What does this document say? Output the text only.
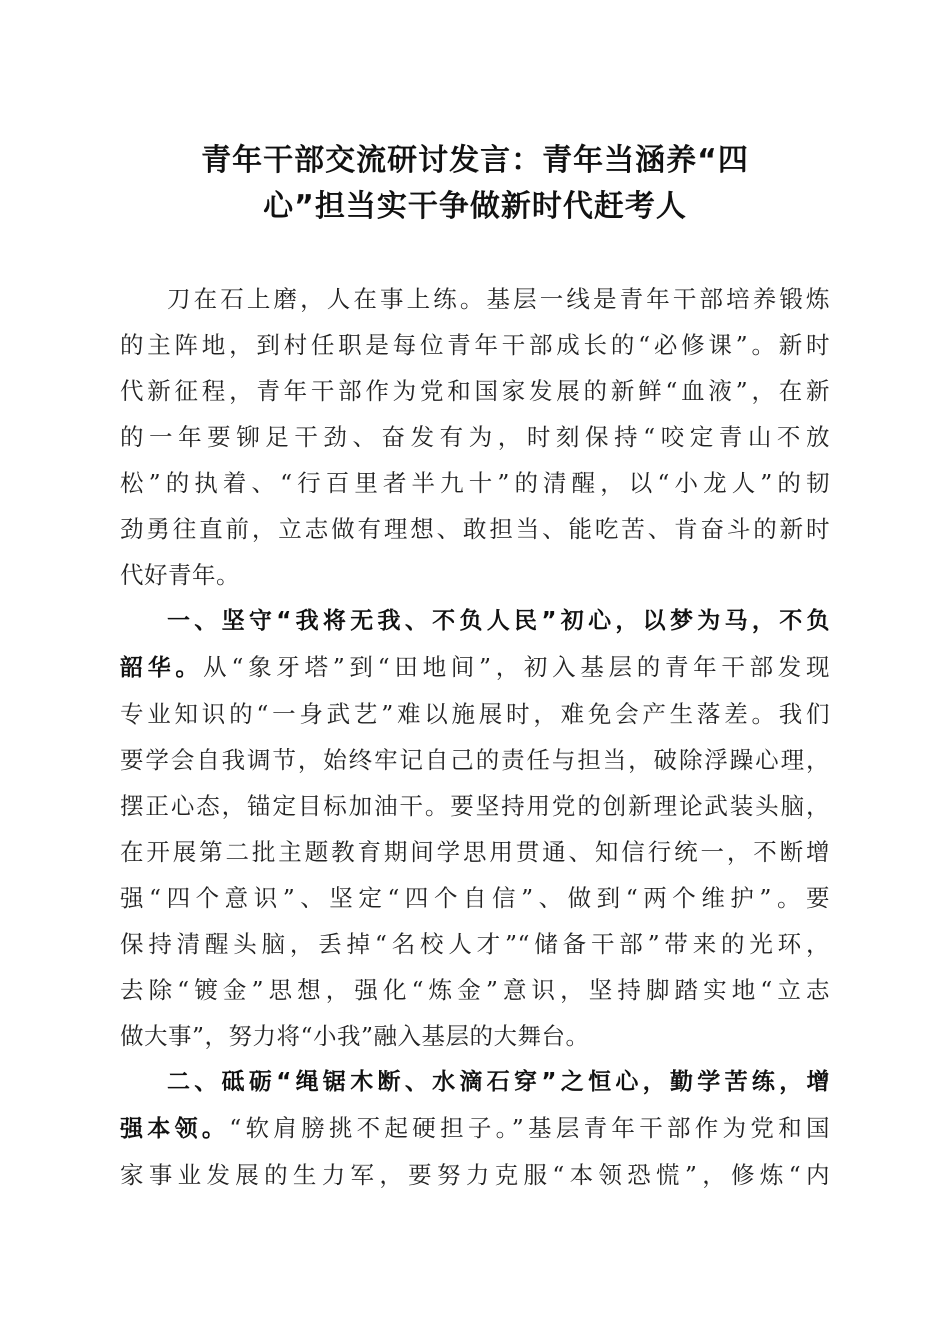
青年干部交流研讨发言：青年当涵养“四
心”担当实干争做新时代赶考人

刀在石上磨，人在事上练。基层一线是青年干部培养锻炼
的主阵地，到村任职是每位青年干部成长的“必修课”。新时
代新征程，青年干部作为党和国家发展的新鲜“血液”，在新
的一年要铆足干劲、奋发有为，时刻保持“咬定青山不放
松”的执着、“行百里者半九十”的清醒，以“小龙人”的韧
劲勇往直前，立志做有理想、敢担当、能吃苦、肯奋斗的新时
代好青年。

一、坚守“我将无我、不负人民”初心，以梦为马，不负
韶华。从“象牙塔”到“田地间”，初入基层的青年干部发现
专业知识的“一身武艺”难以施展时，难免会产生落差。我们
要学会自我调节，始终牢记自己的责任与担当，破除浮躁心理，
摆正心态，锚定目标加油干。要坚持用党的创新理论武装头脑，
在开展第二批主题教育期间学思用贯通、知信行统一，不断增
强“四个意识”、坚定“四个自信”、做到“两个维护”。要
保持清醒头脑，丢掉“名校人才”“储备干部”带来的光环，
去除“镀金”思想，强化“炼金”意识，坚持脚踏实地“立志
做大事”，努力将“小我”融入基层的大舞台。

二、砥砺“绳锯木断、水滴石穿”之恒心，勤学苦练，增
强本领。“软肩膀挑不起硬担子。”基层青年干部作为党和国
家事业发展的生力军，要努力克服“本领恐慌”，修炼“内
